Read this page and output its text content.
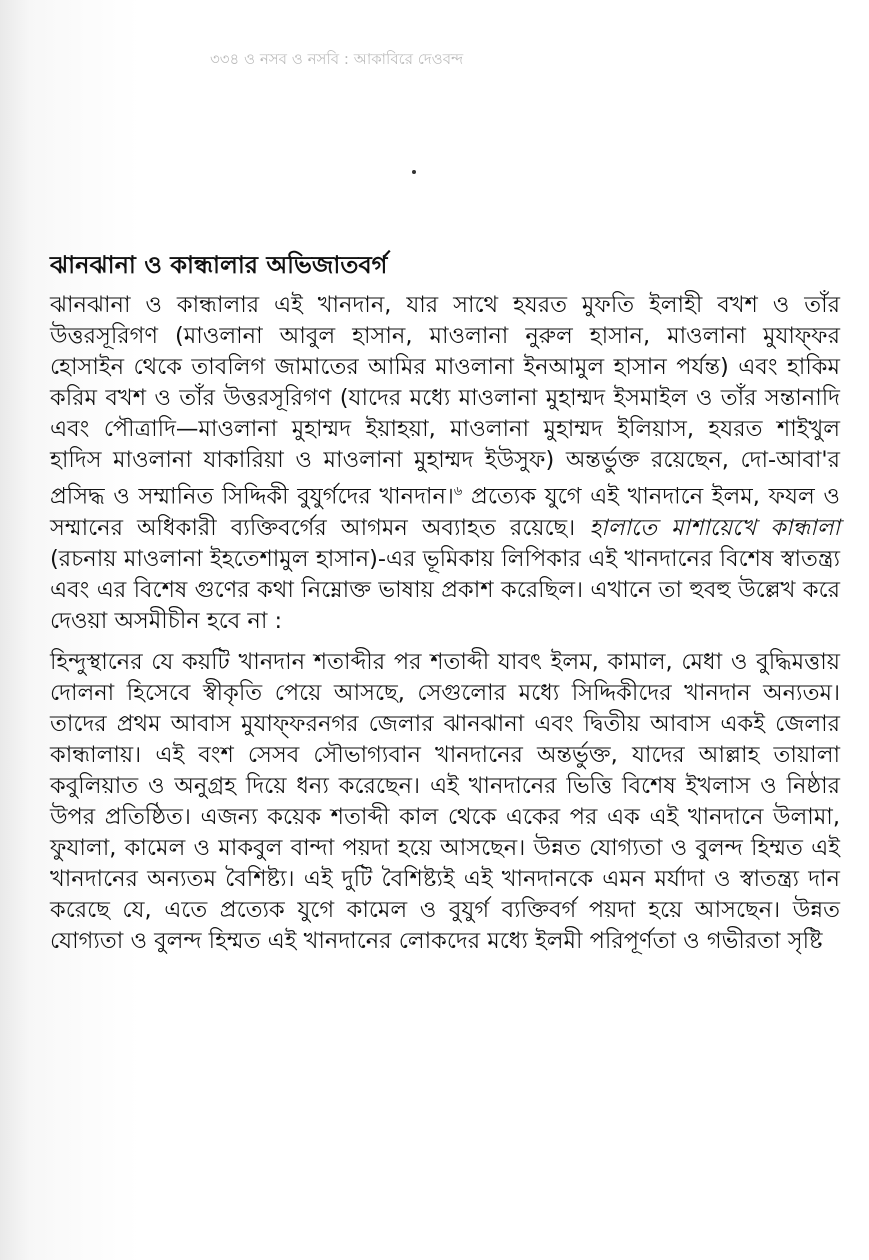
৩৩৪ ও নসব ও নসবি : আকাবিরে দেওবন্দ
ঝানঝানা ও কান্ধালার অভিজাতবর্গ

ঝানঝানা ও কান্ধালার এই খানদান, যার সাথে হযরত মুফতি ইলাহী বখশ ও তাঁর উত্তরসূরিগণ (মাওলানা আবুল হাসান, মাওলানা নুরুল হাসান, মাওলানা মুযাফ্‌ফর হোসাইন থেকে তাবলিগ জামাতের আমির মাওলানা ইনআমুল হাসান পর্যন্ত) এবং হাকিম করিম বখশ ও তাঁর উত্তরসূরিগণ (যাদের মধ্যে মাওলানা মুহাম্মদ ইসমাইল ও তাঁর সন্তানাদি এবং পৌত্রাদি—মাওলানা মুহাম্মদ ইয়াহয়া, মাওলানা মুহাম্মদ ইলিয়াস, হযরত শাইখুল হাদিস মাওলানা যাকারিয়া ও মাওলানা মুহাম্মদ ইউসুফ) অন্তর্ভুক্ত রয়েছেন, দো-আবা'র প্রসিদ্ধ ও সম্মানিত সিদ্দিকী বুযুর্গদের খানদান।$^৬$ প্রত্যেক যুগে এই খানদানে ইলম, ফযল ও সম্মানের অধিকারী ব্যক্তিবর্গের আগমন অব্যাহত রয়েছে। হালাতে মাশায়েখে কান্ধালা (রচনায় মাওলানা ইহতেশামুল হাসান)-এর ভূমিকায় লিপিকার এই খানদানের বিশেষ স্বাতন্ত্র্য এবং এর বিশেষ গুণের কথা নিম্নোক্ত ভাষায় প্রকাশ করেছিল। এখানে তা হুবহু উল্লেখ করে দেওয়া অসমীচীন হবে না :

হিন্দুস্থানের যে কয়টি খানদান শতাব্দীর পর শতাব্দী যাবৎ ইলম, কামাল, মেধা ও বুদ্ধিমত্তায় দোলনা হিসেবে স্বীকৃতি পেয়ে আসছে, সেগুলোর মধ্যে সিদ্দিকীদের খানদান অন্যতম। তাদের প্রথম আবাস মুযাফ্‌ফরনগর জেলার ঝানঝানা এবং দ্বিতীয় আবাস একই জেলার কান্ধালায়। এই বংশ সেসব সৌভাগ্যবান খানদানের অন্তর্ভুক্ত, যাদের আল্লাহ তায়ালা কবুলিয়াত ও অনুগ্রহ দিয়ে ধন্য করেছেন। এই খানদানের ভিত্তি বিশেষ ইখলাস ও নিষ্ঠার উপর প্রতিষ্ঠিত। এজন্য কয়েক শতাব্দী কাল থেকে একের পর এক এই খানদানে উলামা, ফুযালা, কামেল ও মাকবুল বান্দা পয়দা হয়ে আসছেন। উন্নত যোগ্যতা ও বুলন্দ হিম্মত এই খানদানের অন্যতম বৈশিষ্ট্য। এই দুটি বৈশিষ্ট্যই এই খানদানকে এমন মর্যাদা ও স্বাতন্ত্র্য দান করেছে যে, এতে প্রত্যেক যুগে কামেল ও বুযুর্গ ব্যক্তিবর্গ পয়দা হয়ে আসছেন। উন্নত যোগ্যতা ও বুলন্দ হিম্মত এই খানদানের লোকদের মধ্যে ইলমী পরিপূর্ণতা ও গভীরতা সৃষ্টি
